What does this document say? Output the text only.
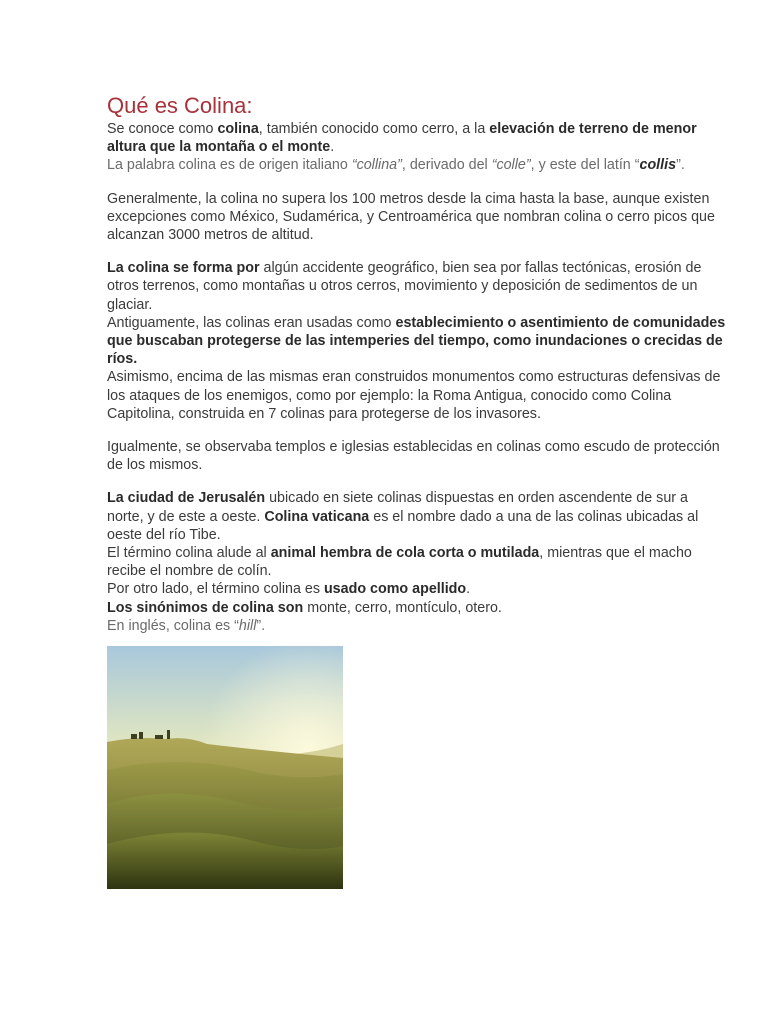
Qué es Colina:

Se conoce como colina, también conocido como cerro, a la elevación de terreno de menor altura que la montaña o el monte.

La palabra colina es de origen italiano “collina”, derivado del “colle”, y este del latín “collis”.

Generalmente, la colina no supera los 100 metros desde la cima hasta la base, aunque existen excepciones como México, Sudamérica, y Centroamérica que nombran colina o cerro picos que alcanzan 3000 metros de altitud.

La colina se forma por algún accidente geográfico, bien sea por fallas tectónicas, erosión de otros terrenos, como montañas u otros cerros, movimiento y deposición de sedimentos de un glaciar.

Antiguamente, las colinas eran usadas como establecimiento o asentimiento de comunidades que buscaban protegerse de las intemperies del tiempo, como inundaciones o crecidas de ríos.

Asimismo, encima de las mismas eran construidos monumentos como estructuras defensivas de los ataques de los enemigos, como por ejemplo: la Roma Antigua, conocido como Colina Capitolina, construida en 7 colinas para protegerse de los invasores.

Igualmente, se observaba templos e iglesias establecidas en colinas como escudo de protección de los mismos.

La ciudad de Jerusalén ubicado en siete colinas dispuestas en orden ascendente de sur a norte, y de este a oeste. Colina vaticana es el nombre dado a una de las colinas ubicadas al oeste del río Tibe.

El término colina alude al animal hembra de cola corta o mutilada, mientras que el macho recibe el nombre de colín.

Por otro lado, el término colina es usado como apellido.

Los sinónimos de colina son monte, cerro, montículo, otero.

En inglés, colina es “hill”.
